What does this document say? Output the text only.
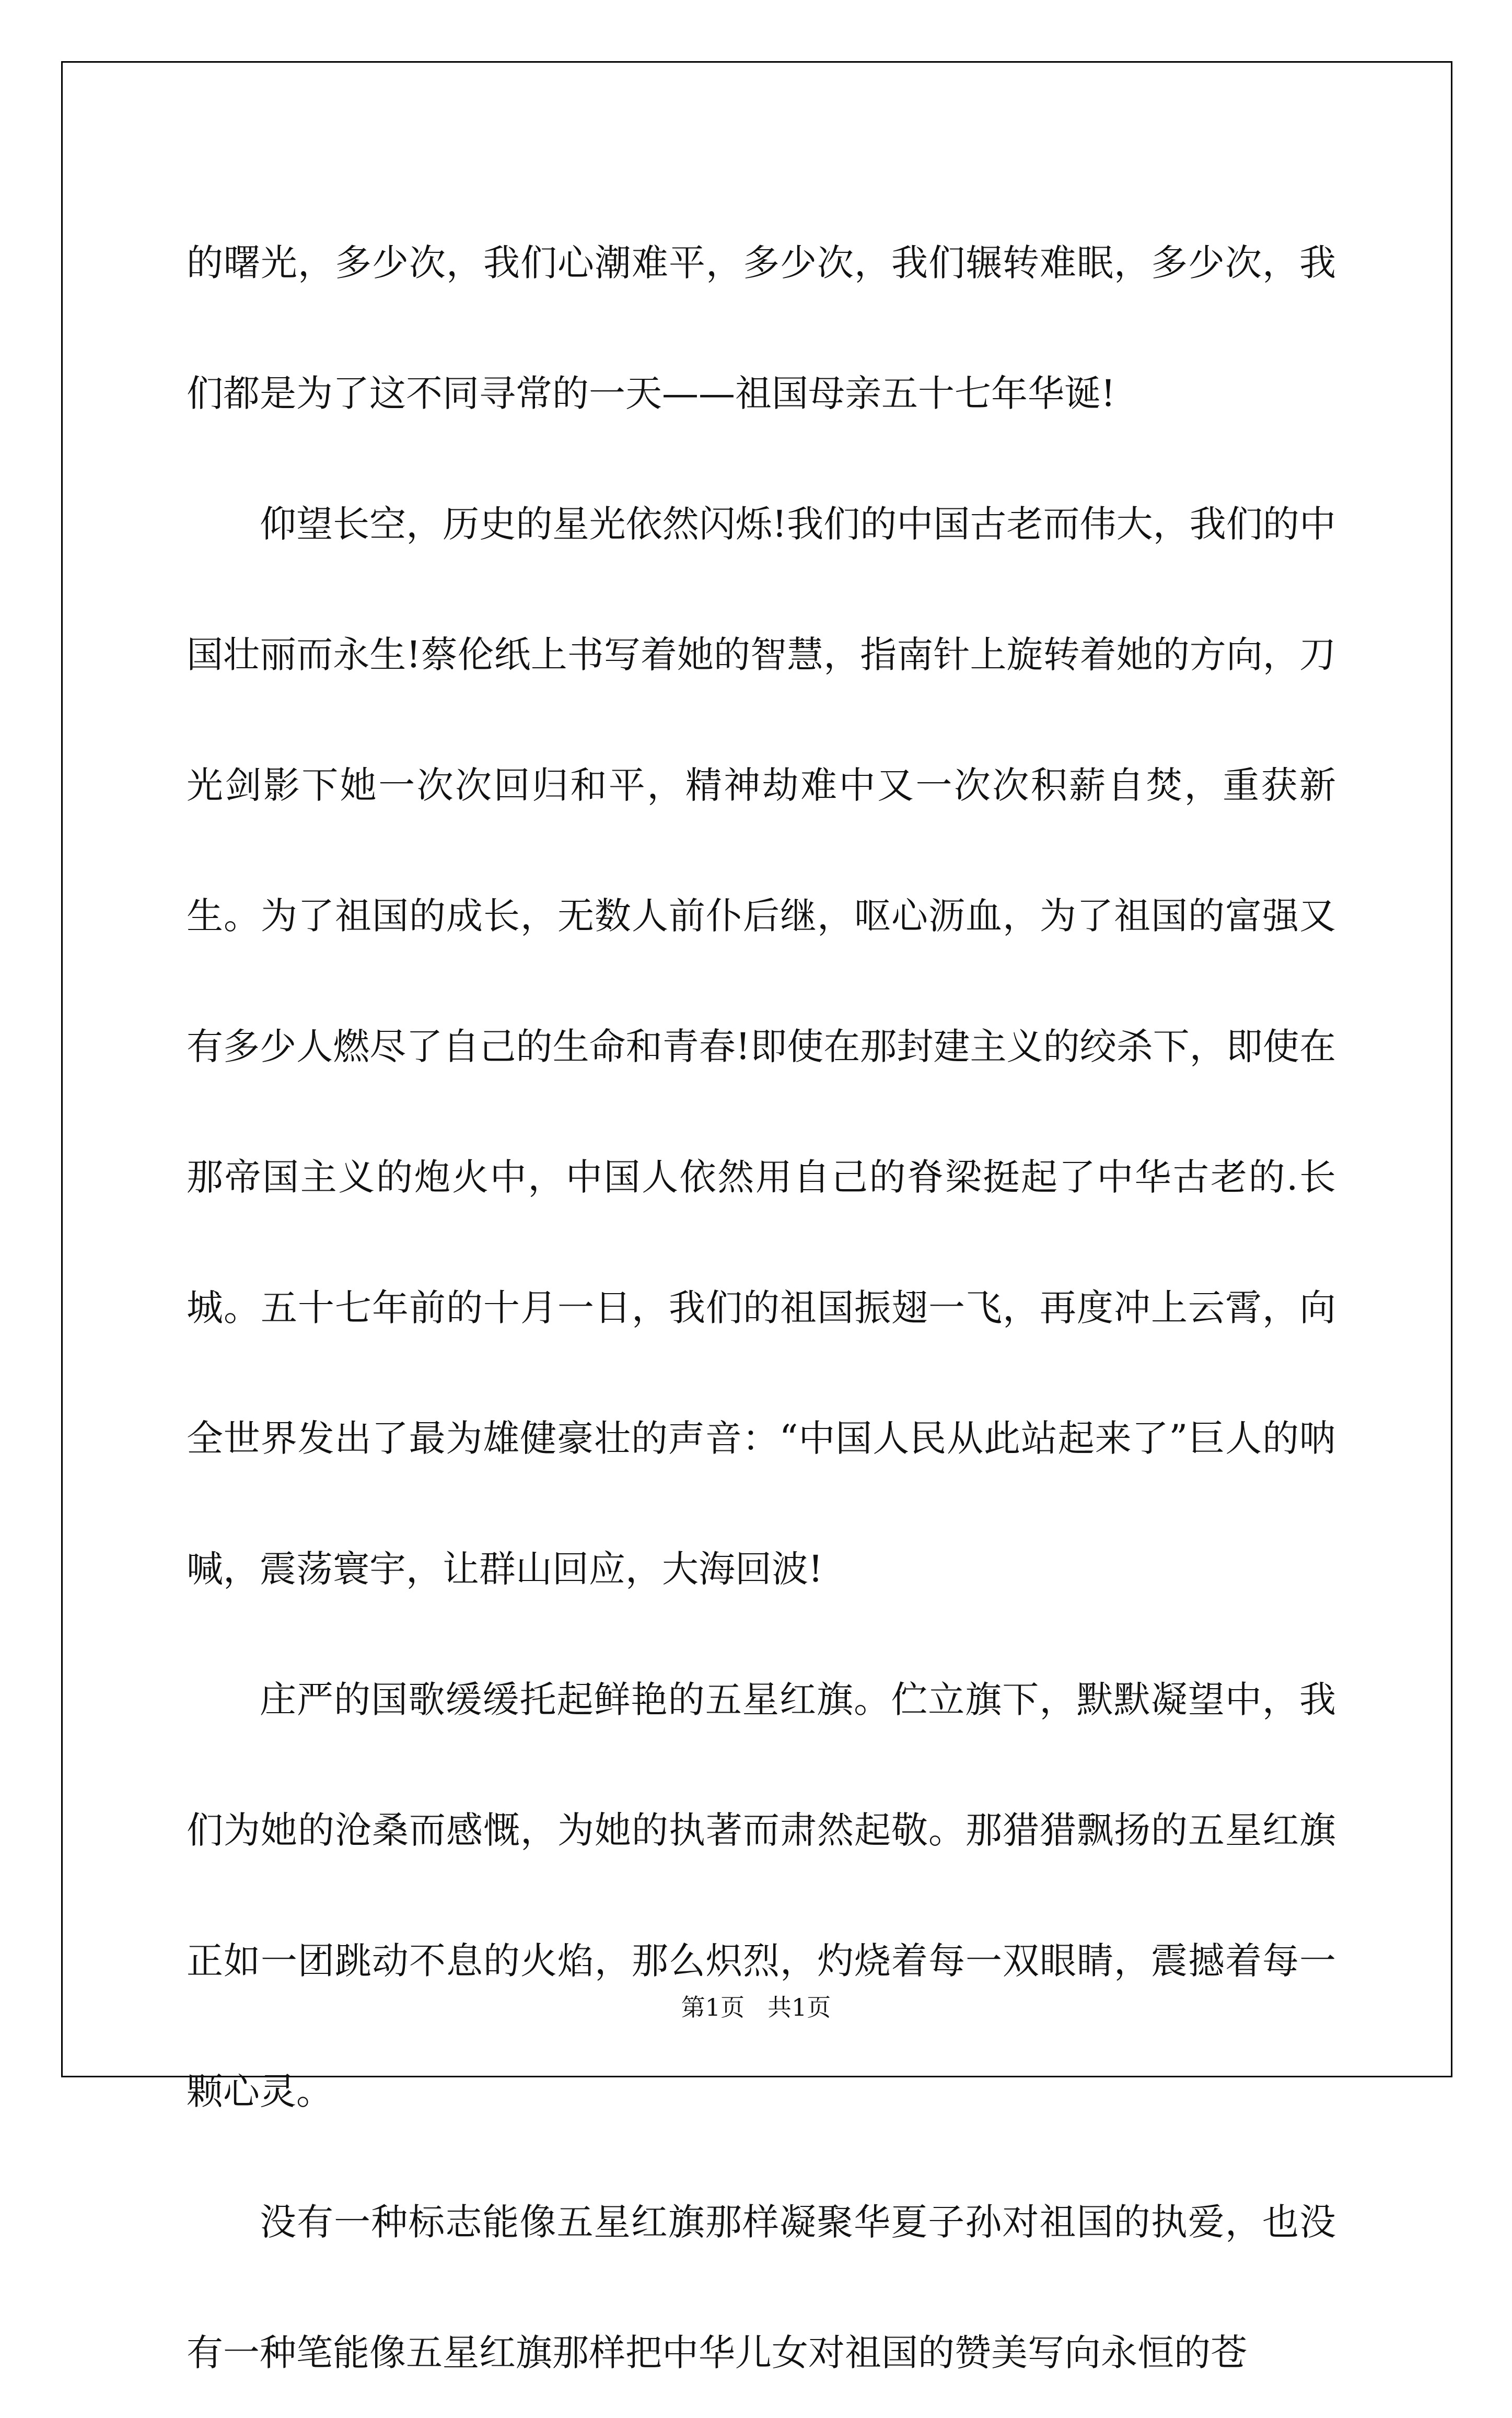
的曙光，多少次，我们心潮难平，多少次，我们辗转难眠，多少次，我们都是为了这不同寻常的一天——祖国母亲五十七年华诞!

仰望长空，历史的星光依然闪烁!我们的中国古老而伟大，我们的中国壮丽而永生!蔡伦纸上书写着她的智慧，指南针上旋转着她的方向，刀光剑影下她一次次回归和平，精神劫难中又一次次积薪自焚，重获新生。为了祖国的成长，无数人前仆后继，呕心沥血，为了祖国的富强又有多少人燃尽了自己的生命和青春!即使在那封建主义的绞杀下，即使在那帝国主义的炮火中，中国人依然用自己的脊梁挺起了中华古老的.长城。五十七年前的十月一日，我们的祖国振翅一飞，再度冲上云霄，向全世界发出了最为雄健豪壮的声音：“中国人民从此站起来了”巨人的呐喊，震荡寰宇，让群山回应，大海回波!

庄严的国歌缓缓托起鲜艳的五星红旗。伫立旗下，默默凝望中，我们为她的沧桑而感慨，为她的执著而肃然起敬。那猎猎飘扬的五星红旗正如一团跳动不息的火焰，那么炽烈，灼烧着每一双眼睛，震撼着每一颗心灵。

没有一种标志能像五星红旗那样凝聚华夏子孙对祖国的执爱，也没有一种笔能像五星红旗那样把中华儿女对祖国的赞美写向永恒的苍

第1页 共1页
